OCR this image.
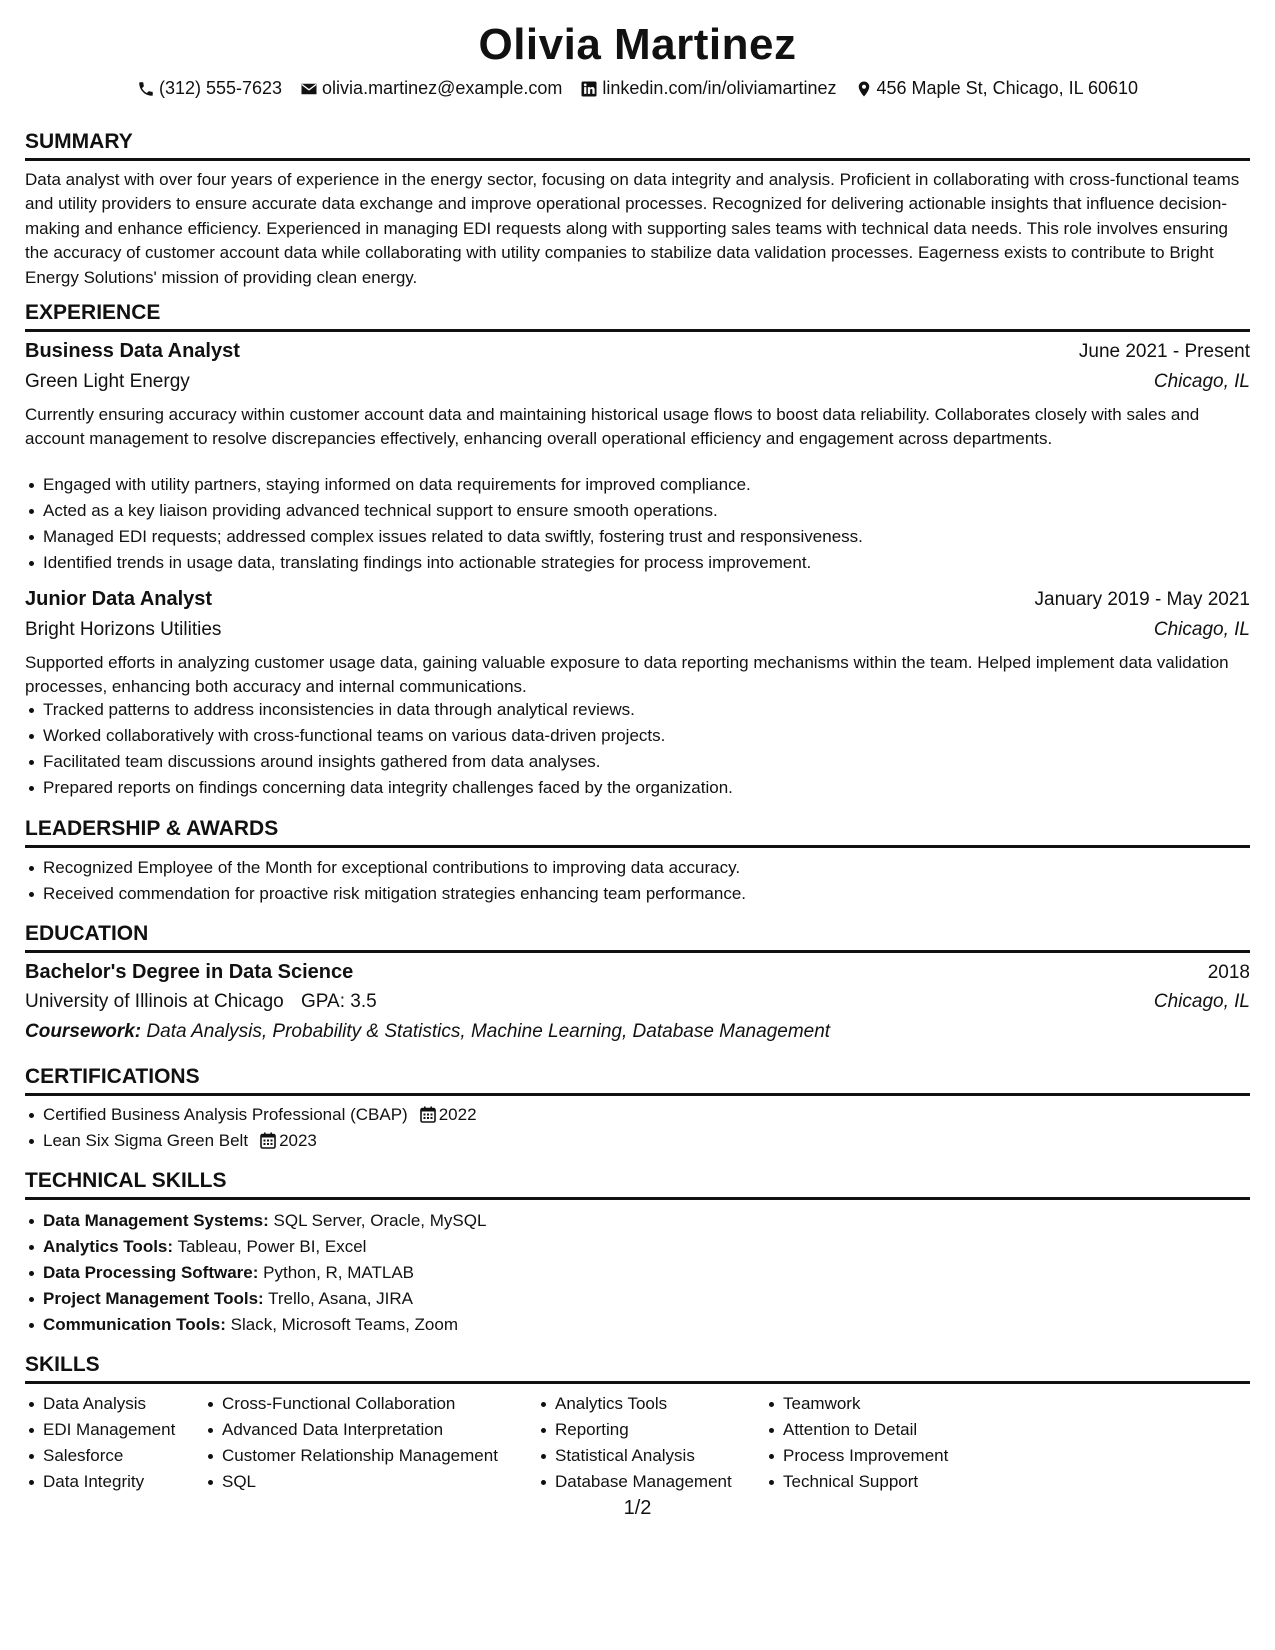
Olivia Martinez
(312) 555-7623 olivia.martinez@example.com linkedin.com/in/oliviamartinez 456 Maple St, Chicago, IL 60610
SUMMARY
Data analyst with over four years of experience in the energy sector, focusing on data integrity and analysis. Proficient in collaborating with cross-functional teams and utility providers to ensure accurate data exchange and improve operational processes. Recognized for delivering actionable insights that influence decision-making and enhance efficiency. Experienced in managing EDI requests along with supporting sales teams with technical data needs. This role involves ensuring the accuracy of customer account data while collaborating with utility companies to stabilize data validation processes. Eagerness exists to contribute to Bright Energy Solutions' mission of providing clean energy.
EXPERIENCE
Business Data Analyst	June 2021 - Present
Green Light Energy	Chicago, IL
Currently ensuring accuracy within customer account data and maintaining historical usage flows to boost data reliability. Collaborates closely with sales and account management to resolve discrepancies effectively, enhancing overall operational efficiency and engagement across departments.
Engaged with utility partners, staying informed on data requirements for improved compliance.
Acted as a key liaison providing advanced technical support to ensure smooth operations.
Managed EDI requests; addressed complex issues related to data swiftly, fostering trust and responsiveness.
Identified trends in usage data, translating findings into actionable strategies for process improvement.
Junior Data Analyst	January 2019 - May 2021
Bright Horizons Utilities	Chicago, IL
Supported efforts in analyzing customer usage data, gaining valuable exposure to data reporting mechanisms within the team. Helped implement data validation processes, enhancing both accuracy and internal communications.
Tracked patterns to address inconsistencies in data through analytical reviews.
Worked collaboratively with cross-functional teams on various data-driven projects.
Facilitated team discussions around insights gathered from data analyses.
Prepared reports on findings concerning data integrity challenges faced by the organization.
LEADERSHIP & AWARDS
Recognized Employee of the Month for exceptional contributions to improving data accuracy.
Received commendation for proactive risk mitigation strategies enhancing team performance.
EDUCATION
Bachelor's Degree in Data Science	2018
University of Illinois at Chicago GPA: 3.5	Chicago, IL
Coursework: Data Analysis, Probability & Statistics, Machine Learning, Database Management
CERTIFICATIONS
Certified Business Analysis Professional (CBAP) 2022
Lean Six Sigma Green Belt 2023
TECHNICAL SKILLS
Data Management Systems: SQL Server, Oracle, MySQL
Analytics Tools: Tableau, Power BI, Excel
Data Processing Software: Python, R, MATLAB
Project Management Tools: Trello, Asana, JIRA
Communication Tools: Slack, Microsoft Teams, Zoom
SKILLS
Data Analysis
EDI Management
Salesforce
Data Integrity
Cross-Functional Collaboration
Advanced Data Interpretation
Customer Relationship Management
SQL
Analytics Tools
Reporting
Statistical Analysis
Database Management
Teamwork
Attention to Detail
Process Improvement
Technical Support
1/2
